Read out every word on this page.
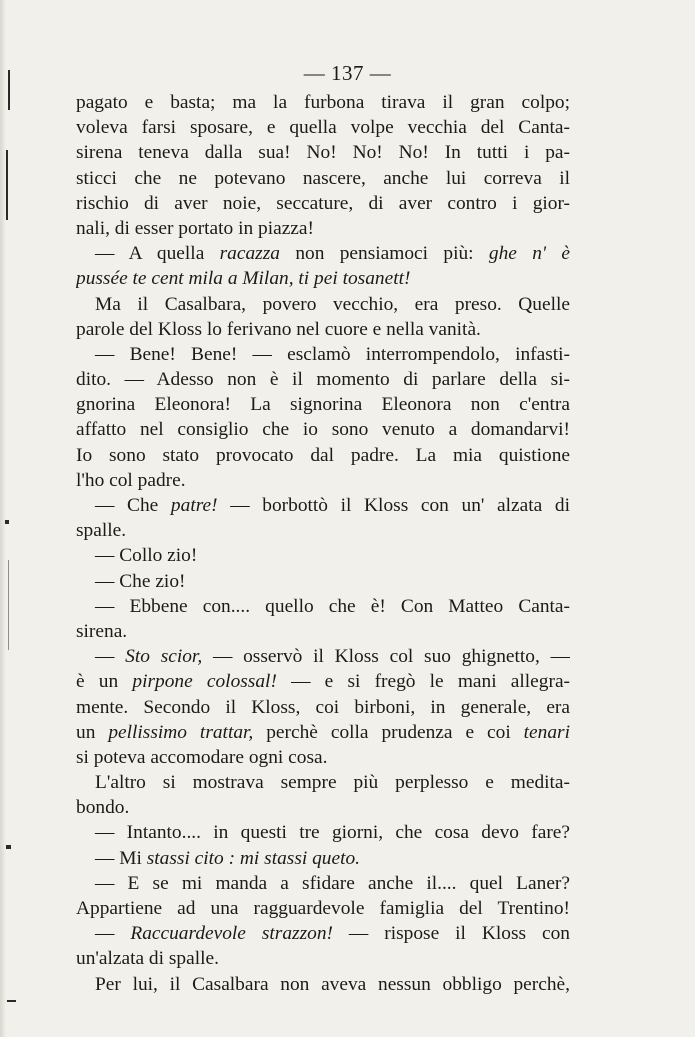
— 137 —
pagato e basta; ma la furbona tirava il gran colpo;
voleva farsi sposare, e quella volpe vecchia del Canta-
sirena teneva dalla sua! No! No! No! In tutti i pa-
sticci che ne potevano nascere, anche lui correva il
rischio di aver noie, seccature, di aver contro i gior-
nali, di esser portato in piazza!
— A quella racazza non pensiamoci più: ghe n' è
pussée te cent mila a Milan, ti pei tosanett!
Ma il Casalbara, povero vecchio, era preso. Quelle
parole del Kloss lo ferivano nel cuore e nella vanità.
— Bene! Bene! — esclamò interrompendolo, infasti-
dito. — Adesso non è il momento di parlare della si-
gnorina Eleonora! La signorina Eleonora non c'entra
affatto nel consiglio che io sono venuto a domandarvi!
Io sono stato provocato dal padre. La mia quistione
l'ho col padre.
— Che patre! — borbottò il Kloss con un' alzata di
spalle.
— Collo zio!
— Che zio!
— Ebbene con.... quello che è! Con Matteo Canta-
sirena.
— Sto scior, — osservò il Kloss col suo ghignetto, —
è un pirpone colossal! — e si fregò le mani allegra-
mente. Secondo il Kloss, coi birboni, in generale, era
un pellissimo trattar, perchè colla prudenza e coi tenari
si poteva accomodare ogni cosa.
L'altro si mostrava sempre più perplesso e medita-
bondo.
— Intanto.... in questi tre giorni, che cosa devo fare?
— Mi stassi cito : mi stassi queto.
— E se mi manda a sfidare anche il.... quel Laner?
Appartiene ad una ragguardevole famiglia del Trentino!
— Raccuardevole strazzon! — rispose il Kloss con
un'alzata di spalle.
Per lui, il Casalbara non aveva nessun obbligo perchè,
